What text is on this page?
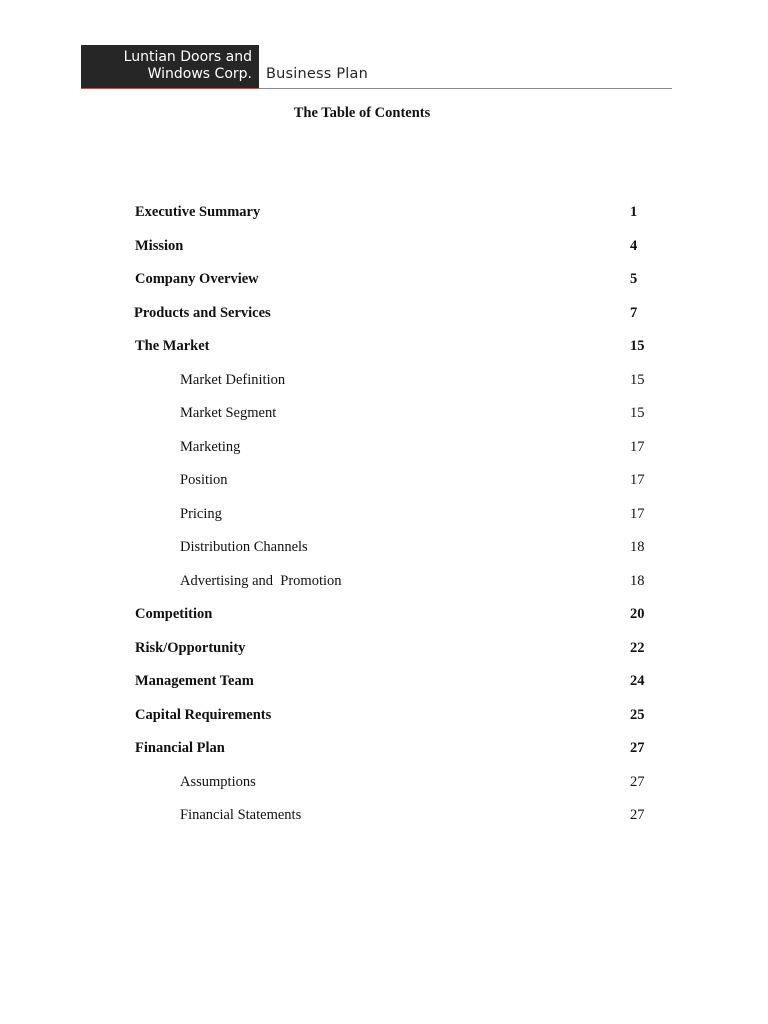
Luntian Doors and
Windows Corp. Business Plan
The Table of Contents
Executive Summary	1
Mission	4
Company Overview	5
Products and Services	7
The Market	15
Market Definition	15
Market Segment	15
Marketing	17
Position	17
Pricing	17
Distribution Channels	18
Advertising and  Promotion	18
Competition	20
Risk/Opportunity	22
Management Team	24
Capital Requirements	25
Financial Plan	27
Assumptions	27
Financial Statements	27
